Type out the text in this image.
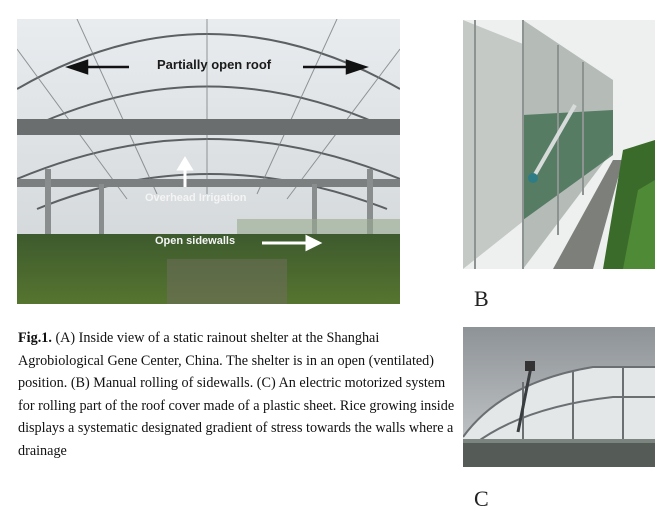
Partially open roof
Overhead Irrigation
Open sidewalls
B
C
Fig.1. (A) Inside view of a static rainout shelter at the Shanghai Agrobiological Gene Center, China. The shelter is in an open (ventilated) position. (B) Manual rolling of sidewalls. (C) An electric motorized system for rolling part of the roof cover made of a plastic sheet. Rice growing inside displays a systematic designated gradient of stress towards the walls where a drainage
